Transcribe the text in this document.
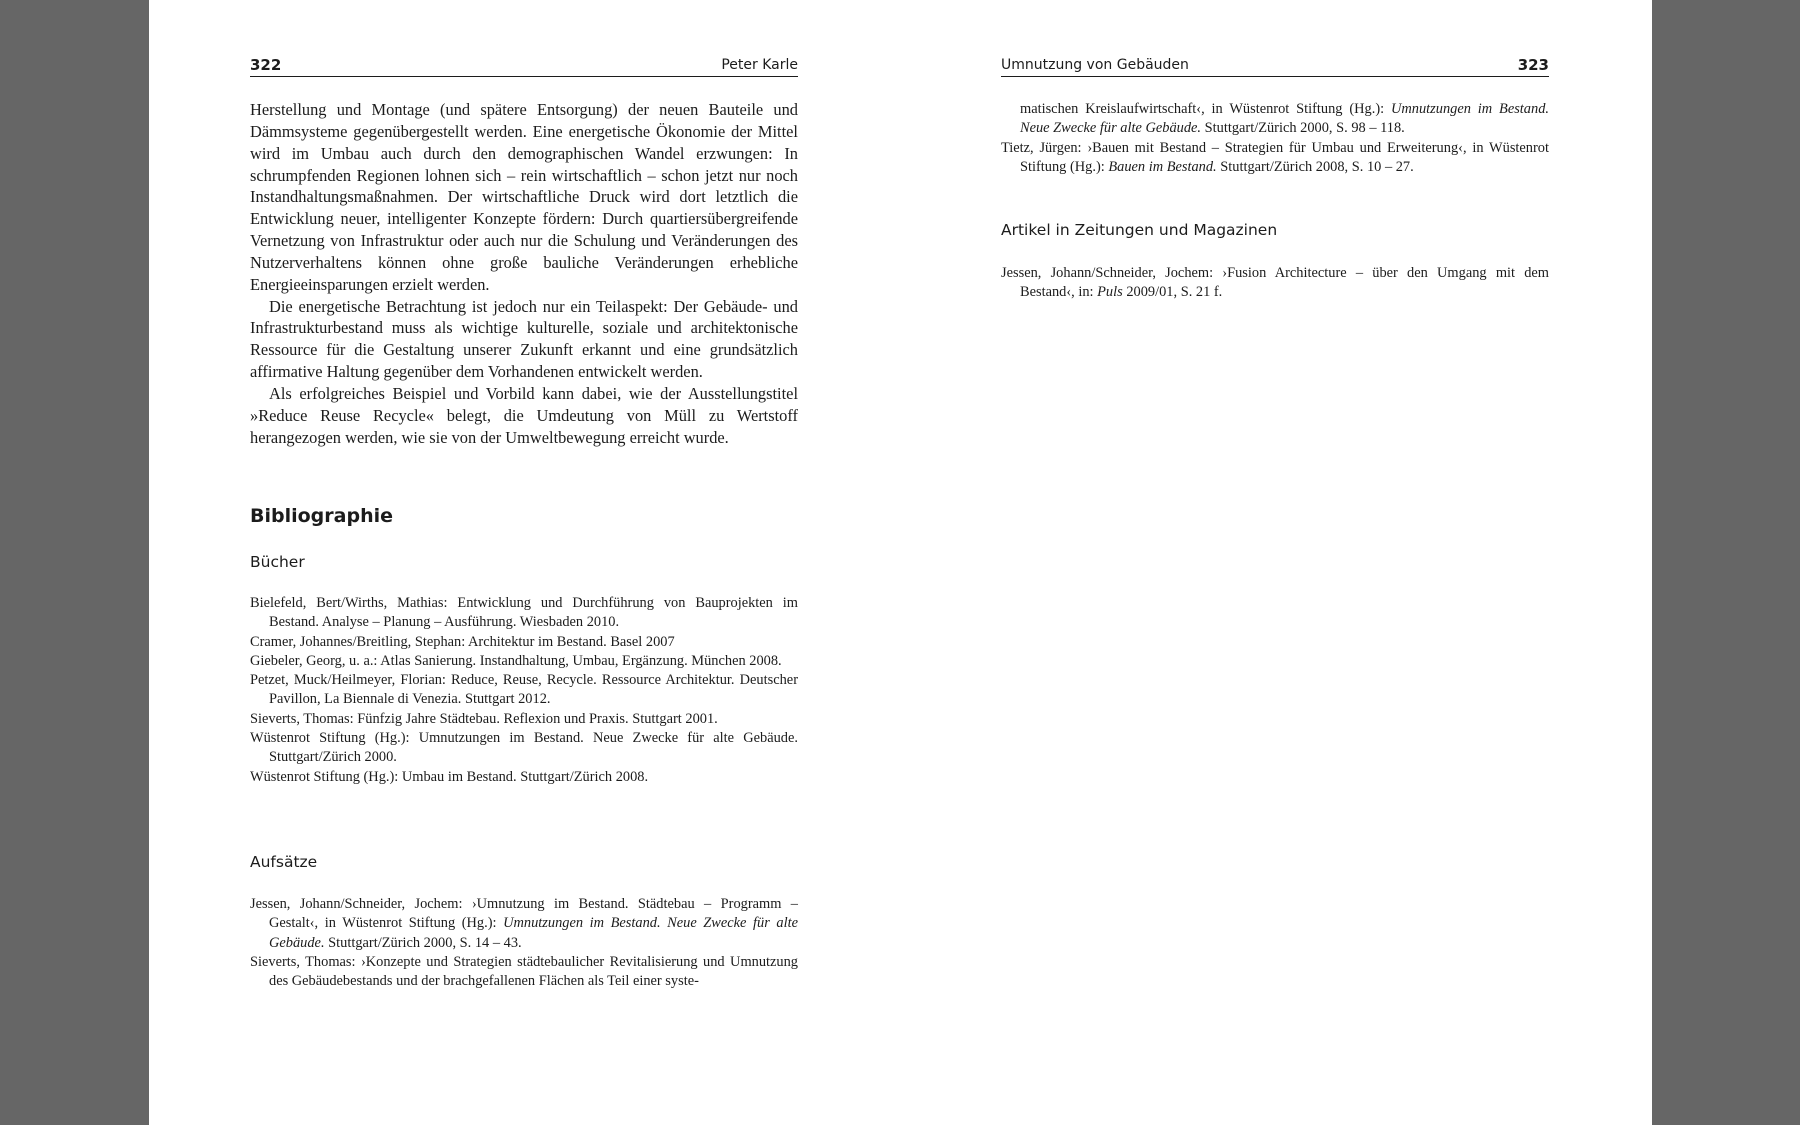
322	Peter Karle

Herstellung und Montage (und spätere Entsorgung) der neuen Bauteile und Dämmsysteme gegenübergestellt werden. Eine energetische Ökonomie der Mittel wird im Umbau auch durch den demographischen Wandel erzwungen: In schrumpfenden Regionen lohnen sich – rein wirtschaftlich – schon jetzt nur noch Instandhaltungsmaßnahmen. Der wirtschaftliche Druck wird dort letztlich die Entwicklung neuer, intelligenter Konzepte fördern: Durch quartiersübergreifende Vernetzung von Infrastruktur oder auch nur die Schulung und Veränderungen des Nutzerverhaltens können ohne große bauliche Veränderungen erhebliche Energieeinsparungen erzielt werden.

Die energetische Betrachtung ist jedoch nur ein Teilaspekt: Der Gebäude- und Infrastrukturbestand muss als wichtige kulturelle, soziale und architektonische Ressource für die Gestaltung unserer Zukunft erkannt und eine grundsätzlich affirmative Haltung gegenüber dem Vorhandenen entwickelt werden.

Als erfolgreiches Beispiel und Vorbild kann dabei, wie der Ausstellungstitel »Reduce Reuse Recycle« belegt, die Umdeutung von Müll zu Wertstoff herangezogen werden, wie sie von der Umweltbewegung erreicht wurde.

Bibliographie
Bücher
Bielefeld, Bert/Wirths, Mathias: Entwicklung und Durchführung von Bauprojekten im Bestand. Analyse – Planung – Ausführung. Wiesbaden 2010.
Cramer, Johannes/Breitling, Stephan: Architektur im Bestand. Basel 2007
Giebeler, Georg, u. a.: Atlas Sanierung. Instandhaltung, Umbau, Ergänzung. München 2008.
Petzet, Muck/Heilmeyer, Florian: Reduce, Reuse, Recycle. Ressource Architektur. Deutscher Pavillon, La Biennale di Venezia. Stuttgart 2012.
Sieverts, Thomas: Fünfzig Jahre Städtebau. Reflexion und Praxis. Stuttgart 2001.
Wüstenrot Stiftung (Hg.): Umnutzungen im Bestand. Neue Zwecke für alte Gebäude. Stuttgart/Zürich 2000.
Wüstenrot Stiftung (Hg.): Umbau im Bestand. Stuttgart/Zürich 2008.
Aufsätze
Jessen, Johann/Schneider, Jochem: ›Umnutzung im Bestand. Städtebau – Programm – Gestalt‹, in Wüstenrot Stiftung (Hg.): Umnutzungen im Bestand. Neue Zwecke für alte Gebäude. Stuttgart/Zürich 2000, S. 14 – 43.
Sieverts, Thomas: ›Konzepte und Strategien städtebaulicher Revitalisierung und Umnutzung des Gebäudebestands und der brachgefallenen Flächen als Teil einer syste-
Umnutzung von Gebäuden	323
matischen Kreislaufwirtschaft‹, in Wüstenrot Stiftung (Hg.): Umnutzungen im Bestand. Neue Zwecke für alte Gebäude. Stuttgart/Zürich 2000, S. 98 – 118.
Tietz, Jürgen: ›Bauen mit Bestand – Strategien für Umbau und Erweiterung‹, in Wüstenrot Stiftung (Hg.): Bauen im Bestand. Stuttgart/Zürich 2008, S. 10 – 27.
Artikel in Zeitungen und Magazinen
Jessen, Johann/Schneider, Jochem: ›Fusion Architecture – über den Umgang mit dem Bestand‹, in: Puls 2009/01, S. 21 f.
